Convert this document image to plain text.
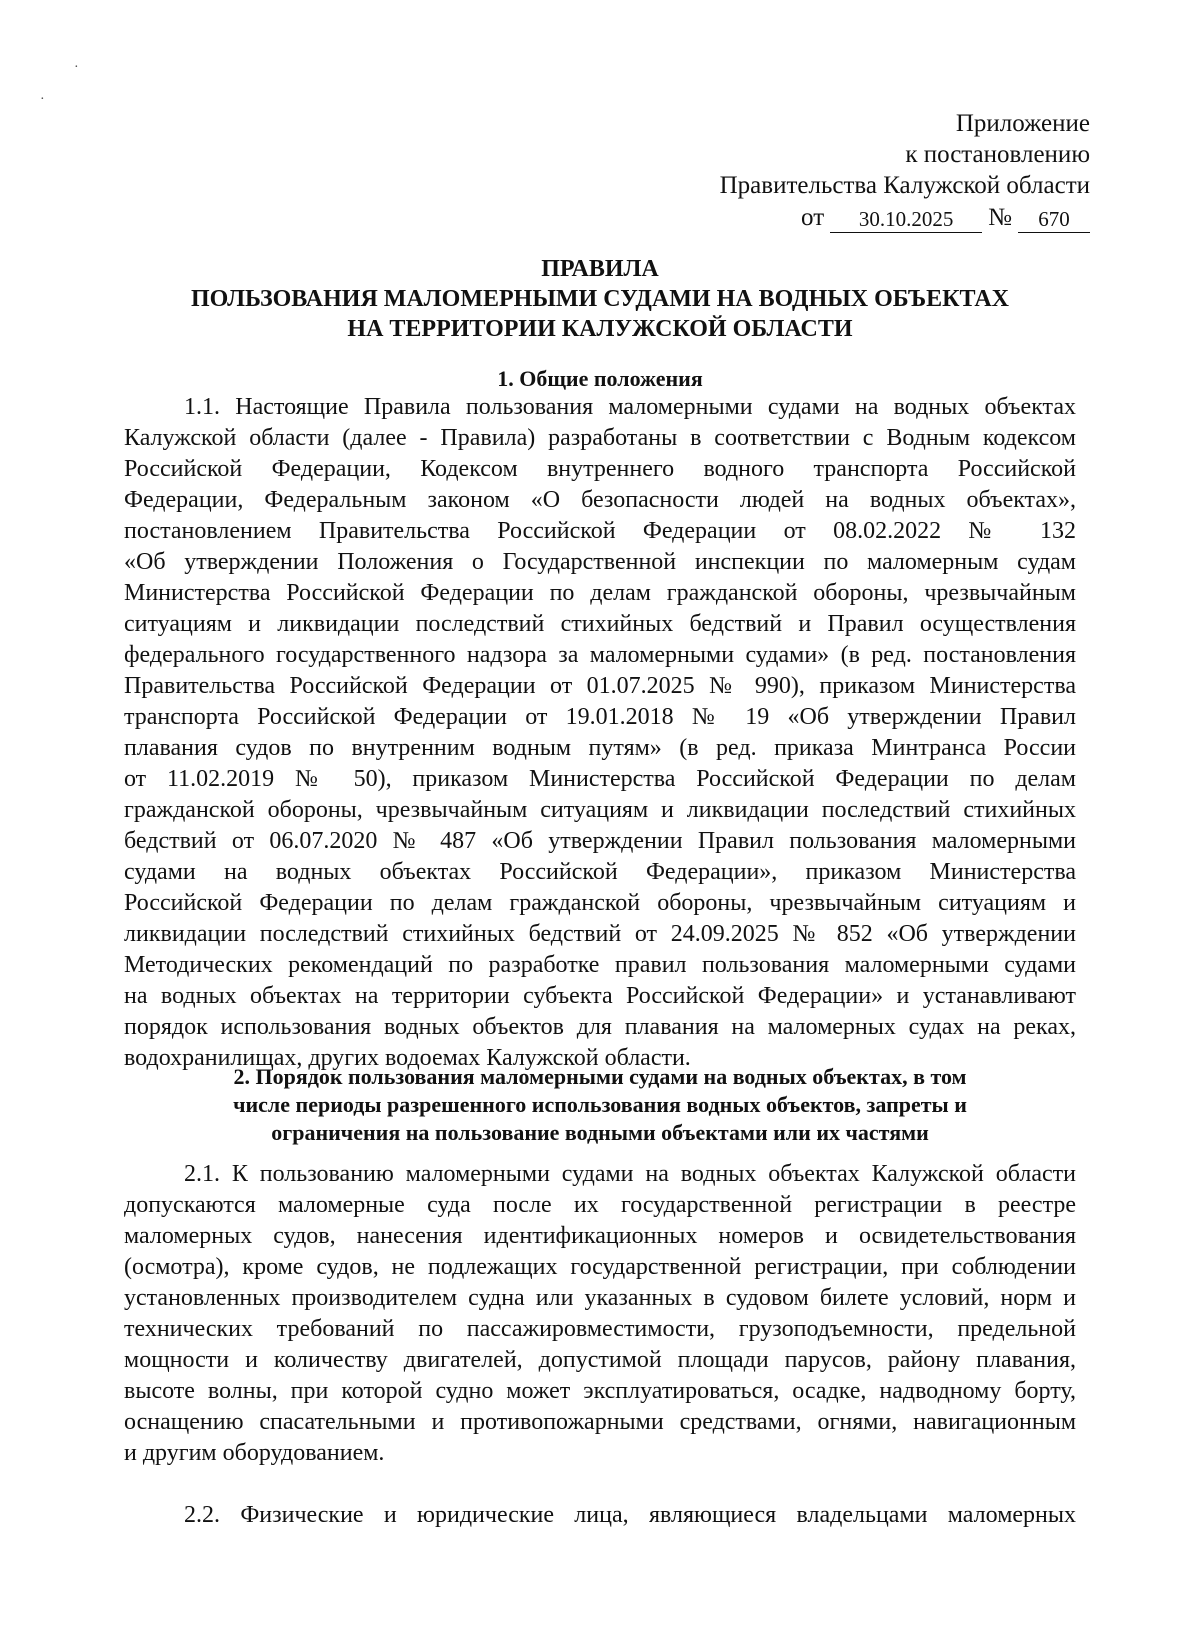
·
·
Приложение
к постановлению
Правительства Калужской области
от	30.10.2025	№	670
ПРАВИЛА
ПОЛЬЗОВАНИЯ МАЛОМЕРНЫМИ СУДАМИ НА ВОДНЫХ ОБЪЕКТАХ
НА ТЕРРИТОРИИ КАЛУЖСКОЙ ОБЛАСТИ
1. Общие положения
1.1. Настоящие Правила пользования маломерными судами на водных объектах
Калужской области (далее - Правила) разработаны в соответствии с Водным кодексом
Российской Федерации, Кодексом внутреннего водного транспорта Российской
Федерации, Федеральным законом «О безопасности людей на водных объектах»,
постановлением Правительства Российской Федерации от 08.02.2022 № 132
«Об утверждении Положения о Государственной инспекции по маломерным судам
Министерства Российской Федерации по делам гражданской обороны, чрезвычайным
ситуациям и ликвидации последствий стихийных бедствий и Правил осуществления
федерального государственного надзора за маломерными судами» (в ред. постановления
Правительства Российской Федерации от 01.07.2025 № 990), приказом Министерства
транспорта Российской Федерации от 19.01.2018 № 19 «Об утверждении Правил
плавания судов по внутренним водным путям» (в ред. приказа Минтранса России
от 11.02.2019 № 50), приказом Министерства Российской Федерации по делам
гражданской обороны, чрезвычайным ситуациям и ликвидации последствий стихийных
бедствий от 06.07.2020 № 487 «Об утверждении Правил пользования маломерными
судами на водных объектах Российской Федерации», приказом Министерства
Российской Федерации по делам гражданской обороны, чрезвычайным ситуациям и
ликвидации последствий стихийных бедствий от 24.09.2025 № 852 «Об утверждении
Методических рекомендаций по разработке правил пользования маломерными судами
на водных объектах на территории субъекта Российской Федерации» и устанавливают
порядок использования водных объектов для плавания на маломерных судах на реках,
водохранилищах, других водоемах Калужской области.
2. Порядок пользования маломерными судами на водных объектах, в том
числе периоды разрешенного использования водных объектов, запреты и
ограничения на пользование водными объектами или их частями
2.1. К пользованию маломерными судами на водных объектах Калужской области
допускаются маломерные суда после их государственной регистрации в реестре
маломерных судов, нанесения идентификационных номеров и освидетельствования
(осмотра), кроме судов, не подлежащих государственной регистрации, при соблюдении
установленных производителем судна или указанных в судовом билете условий, норм и
технических требований по пассажировместимости, грузоподъемности, предельной
мощности и количеству двигателей, допустимой площади парусов, району плавания,
высоте волны, при которой судно может эксплуатироваться, осадке, надводному борту,
оснащению спасательными и противопожарными средствами, огнями, навигационным
и другим оборудованием.
2.2. Физические и юридические лица, являющиеся владельцами маломерных
